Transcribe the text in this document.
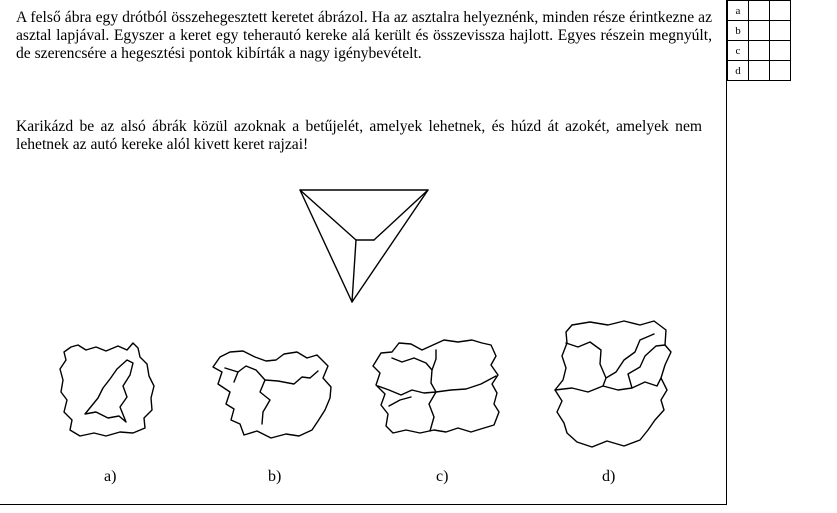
A felső ábra egy drótból összehegesztett keretet ábrázol. Ha az asztalra helyeznénk, minden része érintkezne az asztal lapjával. Egyszer a keret egy teherautó kereke alá került és összevissza hajlott. Egyes részein megnyúlt, de szerencsére a hegesztési pontok kibírták a nagy igénybevételt.

Karikázd be az alsó ábrák közül azoknak a betűjelét, amelyek lehetnek, és húzd át azokét, amelyek nem lehetnek az autó kereke alól kivett keret rajzai!

a		
b		
c		
d		
a)	b)	c)	d)
